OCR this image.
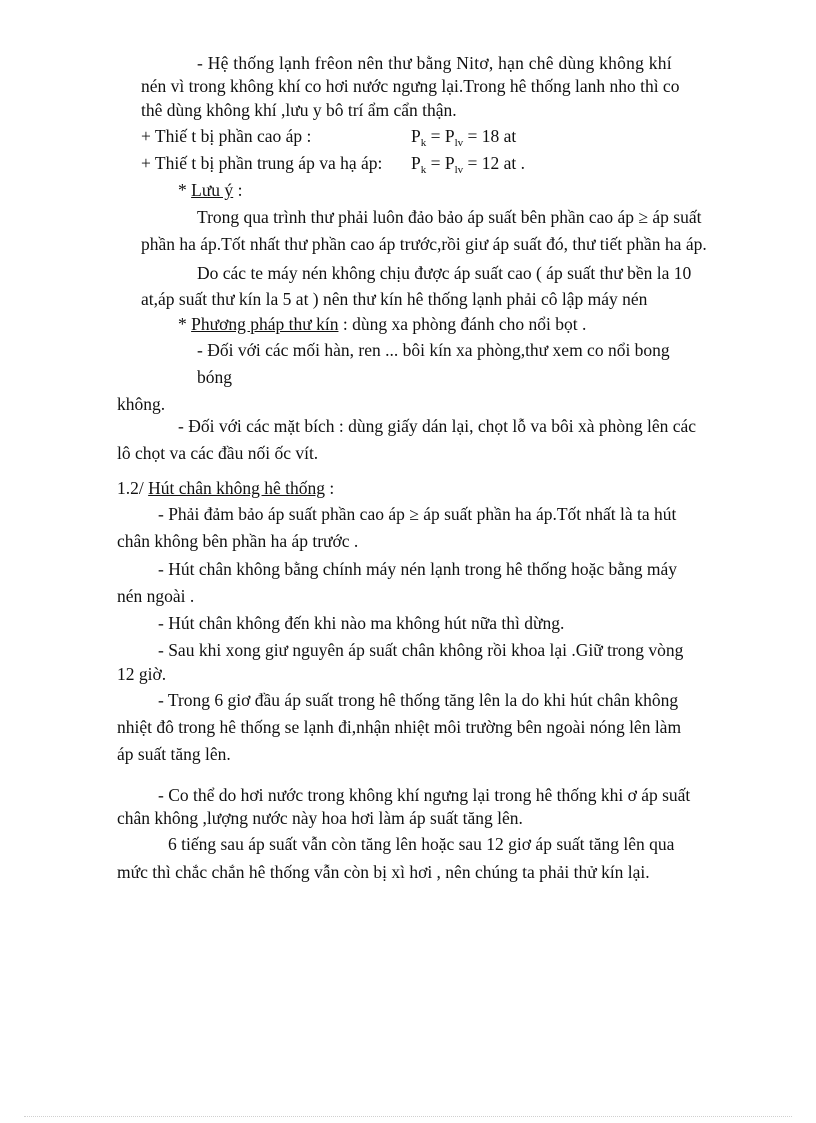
- Hệ thống lạnh frêon nên thư bằng Nitơ, hạn chê dùng không khí
nén vì trong không khí co hơi nước ngưng lại.Trong hê thống lanh nho thì co
thê dùng không khí ,lưu y bô trí ẩm cẩn thận.
+ Thiế t bị phần cao áp :	$P_k = P_{lv} = 18$ at
+ Thiế t bị phần trung áp va hạ áp: $P_k = P_{lv} = 12$ at .
* Lưu ý :
Trong qua trình thư phải luôn đảo bảo áp suất bên phần cao áp ≥ áp suất
phần ha áp.Tốt nhất thư phần cao áp trước,rồi giư áp suất đó, thư tiết phần ha áp.
Do các te máy nén không chịu được áp suất cao ( áp suất thư bền la 10
at,áp suất thư kín la 5 at ) nên thư kín hê thống lạnh phải cô lập máy nén
* Phương pháp thư kín : dùng xa phòng đánh cho nổi bọt .
- Đối với các mối hàn, ren ... bôi kín xa phòng,thư xem co nổi bong
bóng
không.
- Đối với các mặt bích : dùng giấy dán lại, chọt lỗ va bôi xà phòng lên các
lô chọt va các đầu nối ốc vít.
1.2/ Hút chân không hê thống :
- Phải đảm bảo áp suất phần cao áp ≥ áp suất phần ha áp.Tốt nhất là ta hút
chân không bên phần ha áp trước .
- Hút chân không bằng chính máy nén lạnh trong hê thống hoặc bằng máy
nén ngoài .
- Hút chân không đến khi nào ma không hút nữa thì dừng.
- Sau khi xong giư nguyên áp suất chân không rồi khoa lại .Giữ trong vòng
12 giờ.
- Trong 6 giơ đầu áp suất trong hê thống tăng lên la do khi hút chân không
nhiệt đô trong hê thống se lạnh đi,nhận nhiệt môi trường bên ngoài nóng lên làm
áp suất tăng lên.
- Co thể do hơi nước trong không khí ngưng lại trong hê thống khi ơ áp suất
chân không ,lượng nước này hoa hơi làm áp suất tăng lên.
6 tiếng sau áp suất vẫn còn tăng lên hoặc sau 12 giơ áp suất tăng lên qua
mức thì chắc chắn hê thống vẫn còn bị xì hơi , nên chúng ta phải thử kín lại.
